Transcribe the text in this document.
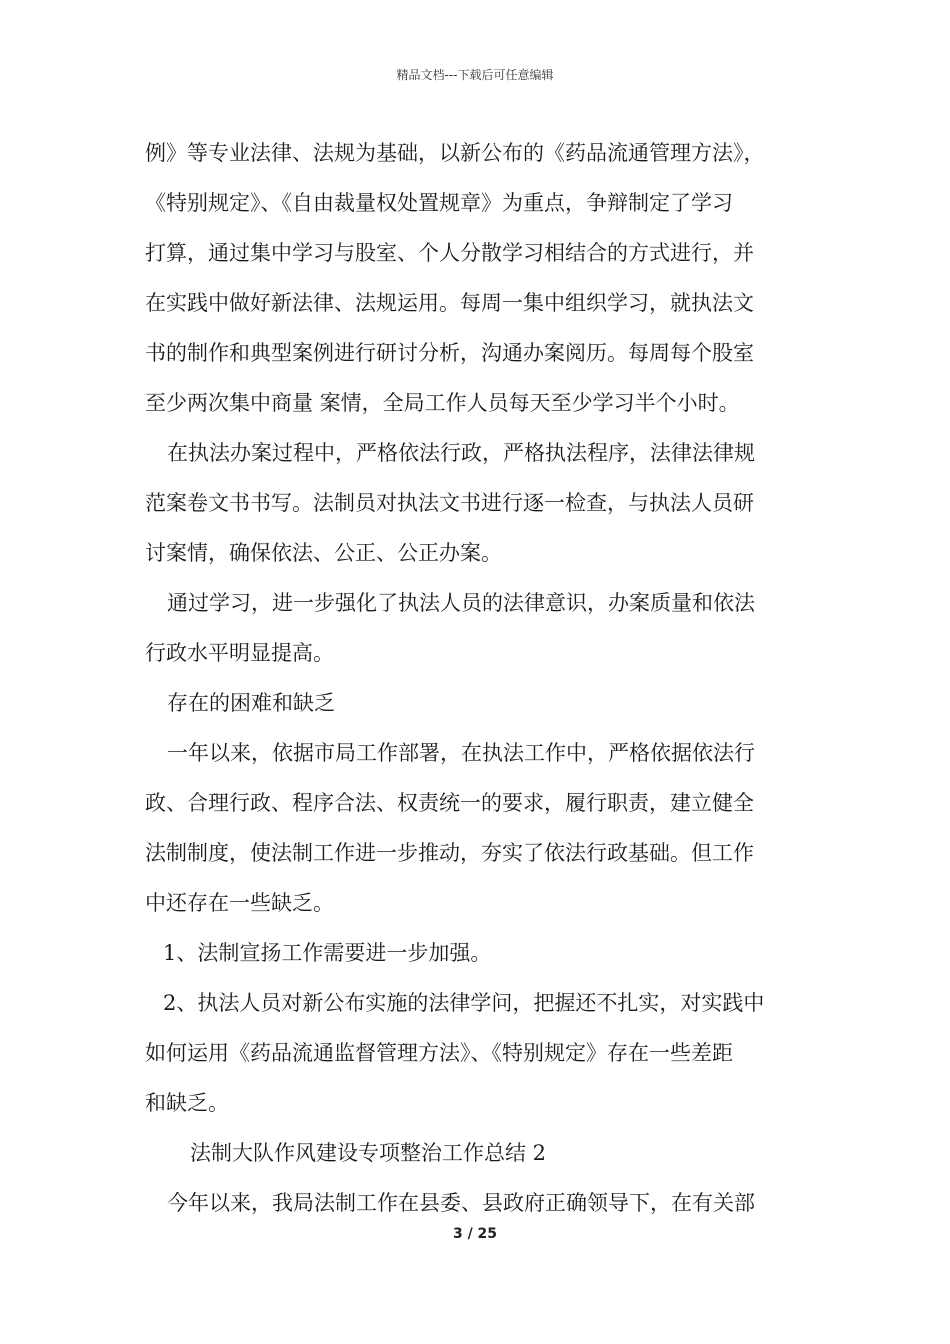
精品文档---下载后可任意编辑

例》等专业法律、法规为基础，以新公布的《药品流通管理方法》，

《特别规定》、《自由裁量权处置规章》为重点，争辩制定了学习

打算，通过集中学习与股室、个人分散学习相结合的方式进行，并

在实践中做好新法律、法规运用。每周一集中组织学习，就执法文

书的制作和典型案例进行研讨分析，沟通办案阅历。每周每个股室

至少两次集中商量 案情，全局工作人员每天至少学习半个小时。

在执法办案过程中，严格依法行政，严格执法程序，法律法律规

范案卷文书书写。法制员对执法文书进行逐一检查，与执法人员研

讨案情，确保依法、公正、公正办案。

通过学习，进一步强化了执法人员的法律意识，办案质量和依法

行政水平明显提高。

存在的困难和缺乏

一年以来，依据市局工作部署，在执法工作中，严格依据依法行

政、合理行政、程序合法、权责统一的要求，履行职责，建立健全

法制制度，使法制工作进一步推动，夯实了依法行政基础。但工作

中还存在一些缺乏。

1、法制宣扬工作需要进一步加强。

2、执法人员对新公布实施的法律学问，把握还不扎实，对实践中

如何运用《药品流通监督管理方法》、《特别规定》存在一些差距

和缺乏。

法制大队作风建设专项整治工作总结 2

今年以来，我局法制工作在县委、县政府正确领导下，在有关部

3 / 25
